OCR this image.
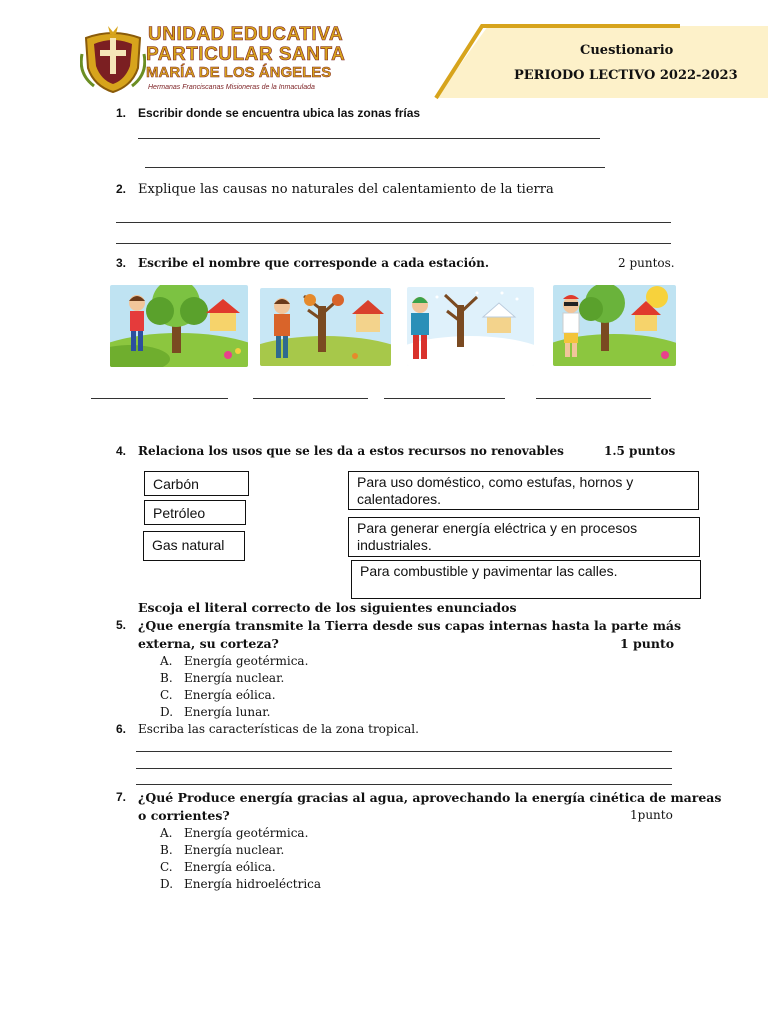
UNIDAD EDUCATIVA
PARTICULAR SANTA
MARÍA DE LOS ÁNGELES
Hermanas Franciscanas Misioneras de la Inmaculada
Cuestionario
PERIODO LECTIVO 2022-2023
1. Escribir donde se encuentra ubica las zonas frías
2. Explique las causas no naturales del calentamiento de la tierra
3. Escribe el nombre que corresponde a cada estación.	2 puntos.
4. Relaciona los usos que se les da a estos recursos no renovables	1.5 puntos
Carbón
Petróleo
Gas natural
Para uso doméstico, como estufas, hornos y calentadores.
Para generar energía eléctrica y en procesos industriales.
Para combustible y pavimentar las calles.
Escoja el literal correcto de los siguientes enunciados
5. ¿Que energía transmite la Tierra desde sus capas internas hasta la parte más
externa, su corteza?	1 punto
A. Energía geotérmica.
B. Energía nuclear.
C. Energía eólica.
D. Energía lunar.
6. Escriba las características de la zona tropical.
7. ¿Qué Produce energía gracias al agua, aprovechando la energía cinética de mareas
o corrientes?	1punto
A. Energía geotérmica.
B. Energía nuclear.
C. Energía eólica.
D. Energía hidroeléctrica
